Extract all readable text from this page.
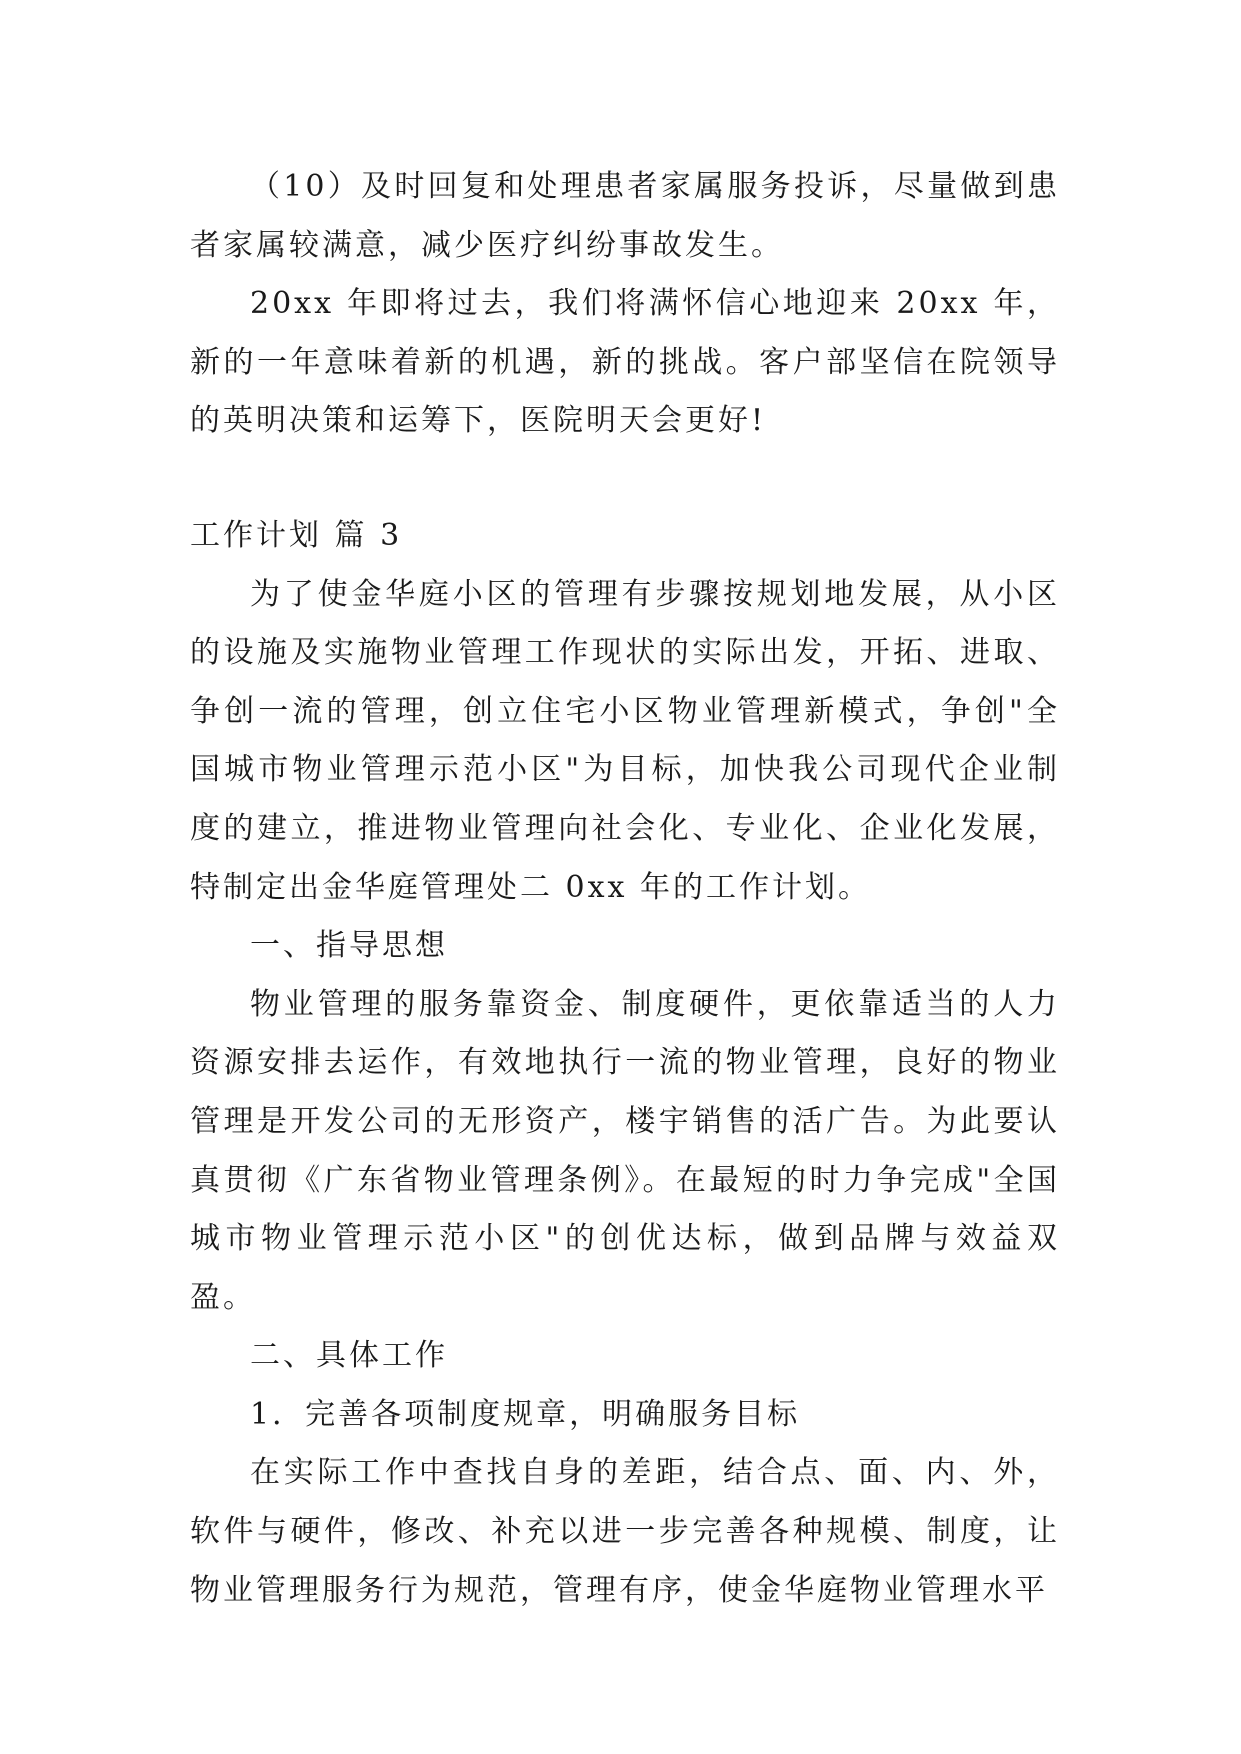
（10）及时回复和处理患者家属服务投诉，尽量做到患者家属较满意，减少医疗纠纷事故发生。

20xx 年即将过去，我们将满怀信心地迎来 20xx 年，新的一年意味着新的机遇，新的挑战。客户部坚信在院领导的英明决策和运筹下，医院明天会更好!

工作计划 篇 3

为了使金华庭小区的管理有步骤按规划地发展，从小区的设施及实施物业管理工作现状的实际出发，开拓、进取、争创一流的管理，创立住宅小区物业管理新模式，争创"全国城市物业管理示范小区"为目标，加快我公司现代企业制度的建立，推进物业管理向社会化、专业化、企业化发展，特制定出金华庭管理处二 0xx 年的工作计划。

一、指导思想

物业管理的服务靠资金、制度硬件，更依靠适当的人力资源安排去运作，有效地执行一流的物业管理，良好的物业管理是开发公司的无形资产，楼宇销售的活广告。为此要认真贯彻《广东省物业管理条例》。在最短的时力争完成"全国城市物业管理示范小区"的创优达标，做到品牌与效益双盈。

二、具体工作

1．完善各项制度规章，明确服务目标

在实际工作中查找自身的差距，结合点、面、内、外，软件与硬件，修改、补充以进一步完善各种规模、制度，让物业管理服务行为规范，管理有序，使金华庭物业管理水平
